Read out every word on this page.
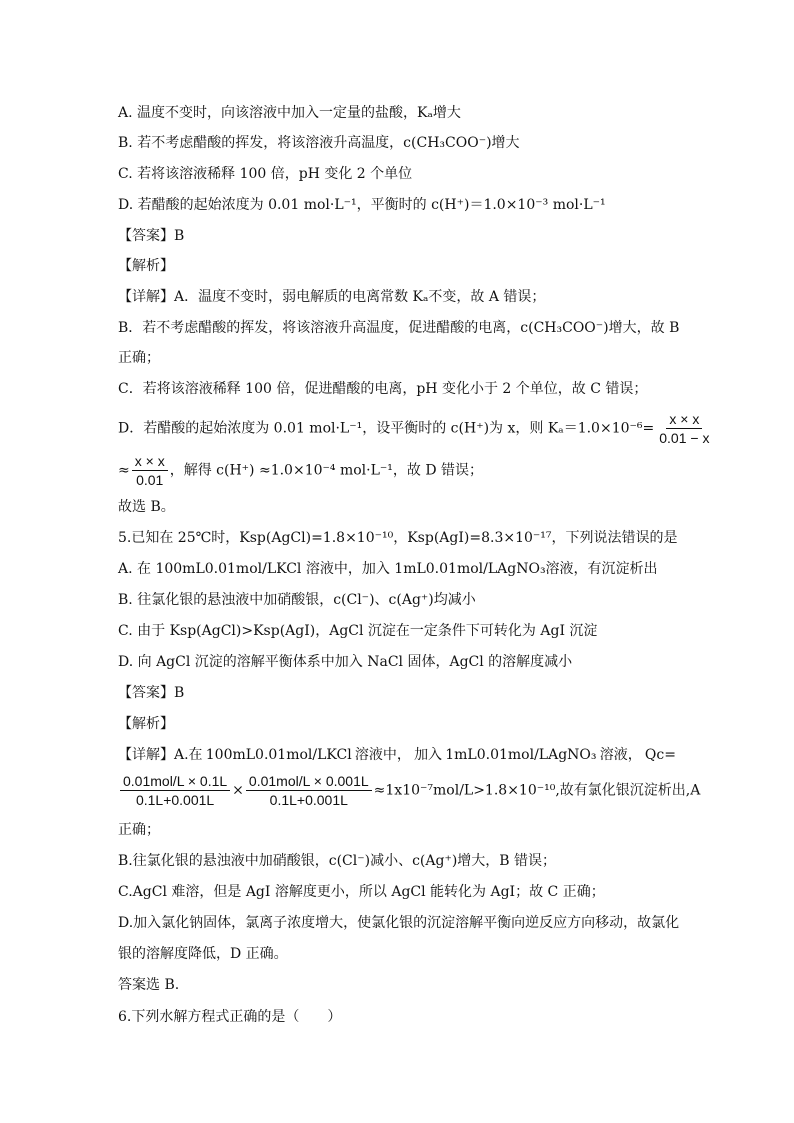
A. 温度不变时，向该溶液中加入一定量的盐酸，Kₐ增大
B. 若不考虑醋酸的挥发，将该溶液升高温度，c(CH₃COO⁻)增大
C. 若将该溶液稀释 100 倍，pH 变化 2 个单位
D. 若醋酸的起始浓度为 0.01 mol·L⁻¹，平衡时的 c(H⁺)＝1.0×10⁻³ mol·L⁻¹
【答案】B
【解析】
【详解】A．温度不变时，弱电解质的电离常数 Kₐ不变，故 A 错误；
B．若不考虑醋酸的挥发，将该溶液升高温度，促进醋酸的电离，c(CH₃COO⁻)增大，故 B
正确；
C．若将该溶液稀释 100 倍，促进醋酸的电离，pH 变化小于 2 个单位，故 C 错误；
D．若醋酸的起始浓度为 0.01 mol·L⁻¹，设平衡时的 c(H⁺)为 x，则 $K_a=1.0\times 10^{-6}= \frac{x \times x}{0.01 - x}$
≈ $\frac{x \times x}{0.01}$ ，解得 c(H⁺) ≈1.0×10⁻⁴ mol·L⁻¹，故 D 错误；
故选 B。
5.已知在 25℃时，Ksp(AgCl)=1.8×10⁻¹⁰，Ksp(AgI)=8.3×10⁻¹⁷，下列说法错误的是
A. 在 100mL0.01mol/LKCl 溶液中，加入 1mL0.01mol/LAgNO₃溶液，有沉淀析出
B. 往氯化银的悬浊液中加硝酸银，c(Cl⁻)、c(Ag⁺)均减小
C. 由于 Ksp(AgCl)>Ksp(AgI)，AgCl 沉淀在一定条件下可转化为 AgI 沉淀
D. 向 AgCl 沉淀的溶解平衡体系中加入 NaCl 固体，AgCl 的溶解度减小
【答案】B
【解析】
【详解】A.在 100mL0.01mol/LKCl 溶液中， 加入 1mL0.01mol/LAgNO₃ 溶液， Qc=
$\frac{\text{0.01mol/L × 0.1L}}{0.1L+0.001L} \times \frac{\text{0.01mol/L × 0.001L}}{0.1L+0.001L} \approx 1x10^{-7}mol/L>1.8\times 10^{-10}$,故有氯化银沉淀析出,A
正确；
B.往氯化银的悬浊液中加硝酸银，c(Cl⁻)减小、c(Ag⁺)增大，B 错误；
C.AgCl 难溶，但是 AgI 溶解度更小，所以 AgCl 能转化为 AgI；故 C 正确；
D.加入氯化钠固体，氯离子浓度增大，使氯化银的沉淀溶解平衡向逆反应方向移动，故氯化
银的溶解度降低，D 正确。
答案选 B.
6.下列水解方程式正确的是（　　）
